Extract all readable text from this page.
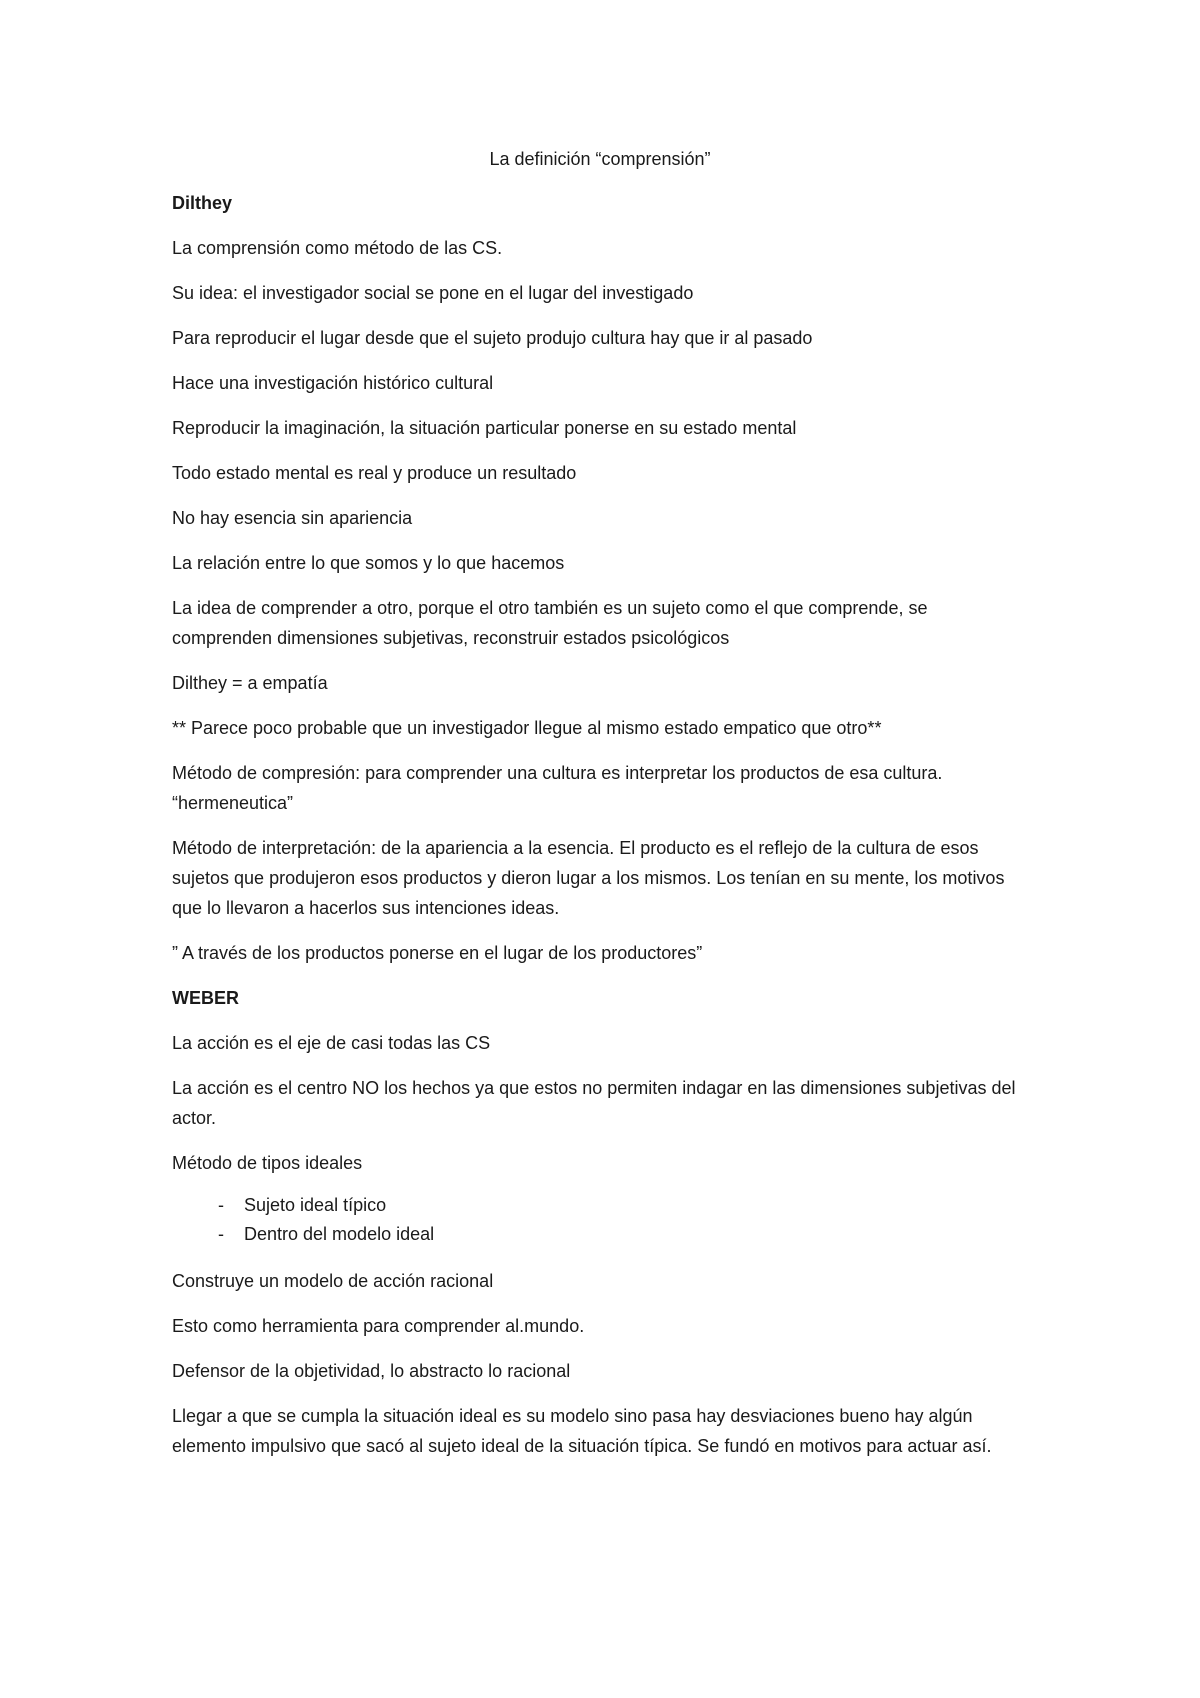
La definición “comprensión”

Dilthey

La comprensión como método de las CS.

Su idea: el investigador social se pone en el lugar del investigado

Para reproducir el lugar desde que el sujeto produjo cultura hay que ir al pasado

Hace una investigación histórico cultural

Reproducir la imaginación, la situación particular ponerse en su estado mental

Todo estado mental es real y produce un resultado

No hay esencia sin apariencia

La relación entre lo que somos y lo que hacemos

La idea de comprender a otro, porque el otro también es un sujeto como el que comprende, se comprenden dimensiones subjetivas, reconstruir estados psicológicos

Dilthey = a empatía

** Parece poco probable que un investigador llegue al mismo estado empatico que otro**

Método de compresión: para comprender una cultura es interpretar los productos de esa cultura. “hermeneutica”

Método de interpretación: de la apariencia a la esencia. El producto es el reflejo de la cultura de esos sujetos que produjeron esos productos y dieron lugar a los mismos. Los tenían en su mente, los motivos que lo llevaron a hacerlos sus intenciones ideas.

” A través de los productos ponerse en el lugar de los productores”

WEBER

La acción es el eje de casi todas las CS

La acción es el centro NO los hechos ya que estos no permiten indagar en las dimensiones subjetivas del actor.

Método de tipos ideales

- Sujeto ideal típico
- Dentro del modelo ideal

Construye un modelo de acción racional

Esto como herramienta para comprender al.mundo.

Defensor de la objetividad, lo abstracto lo racional

Llegar a que se cumpla la situación ideal es su modelo sino pasa hay desviaciones bueno hay algún elemento impulsivo que sacó al sujeto ideal de la situación típica. Se fundó en motivos para actuar así.
